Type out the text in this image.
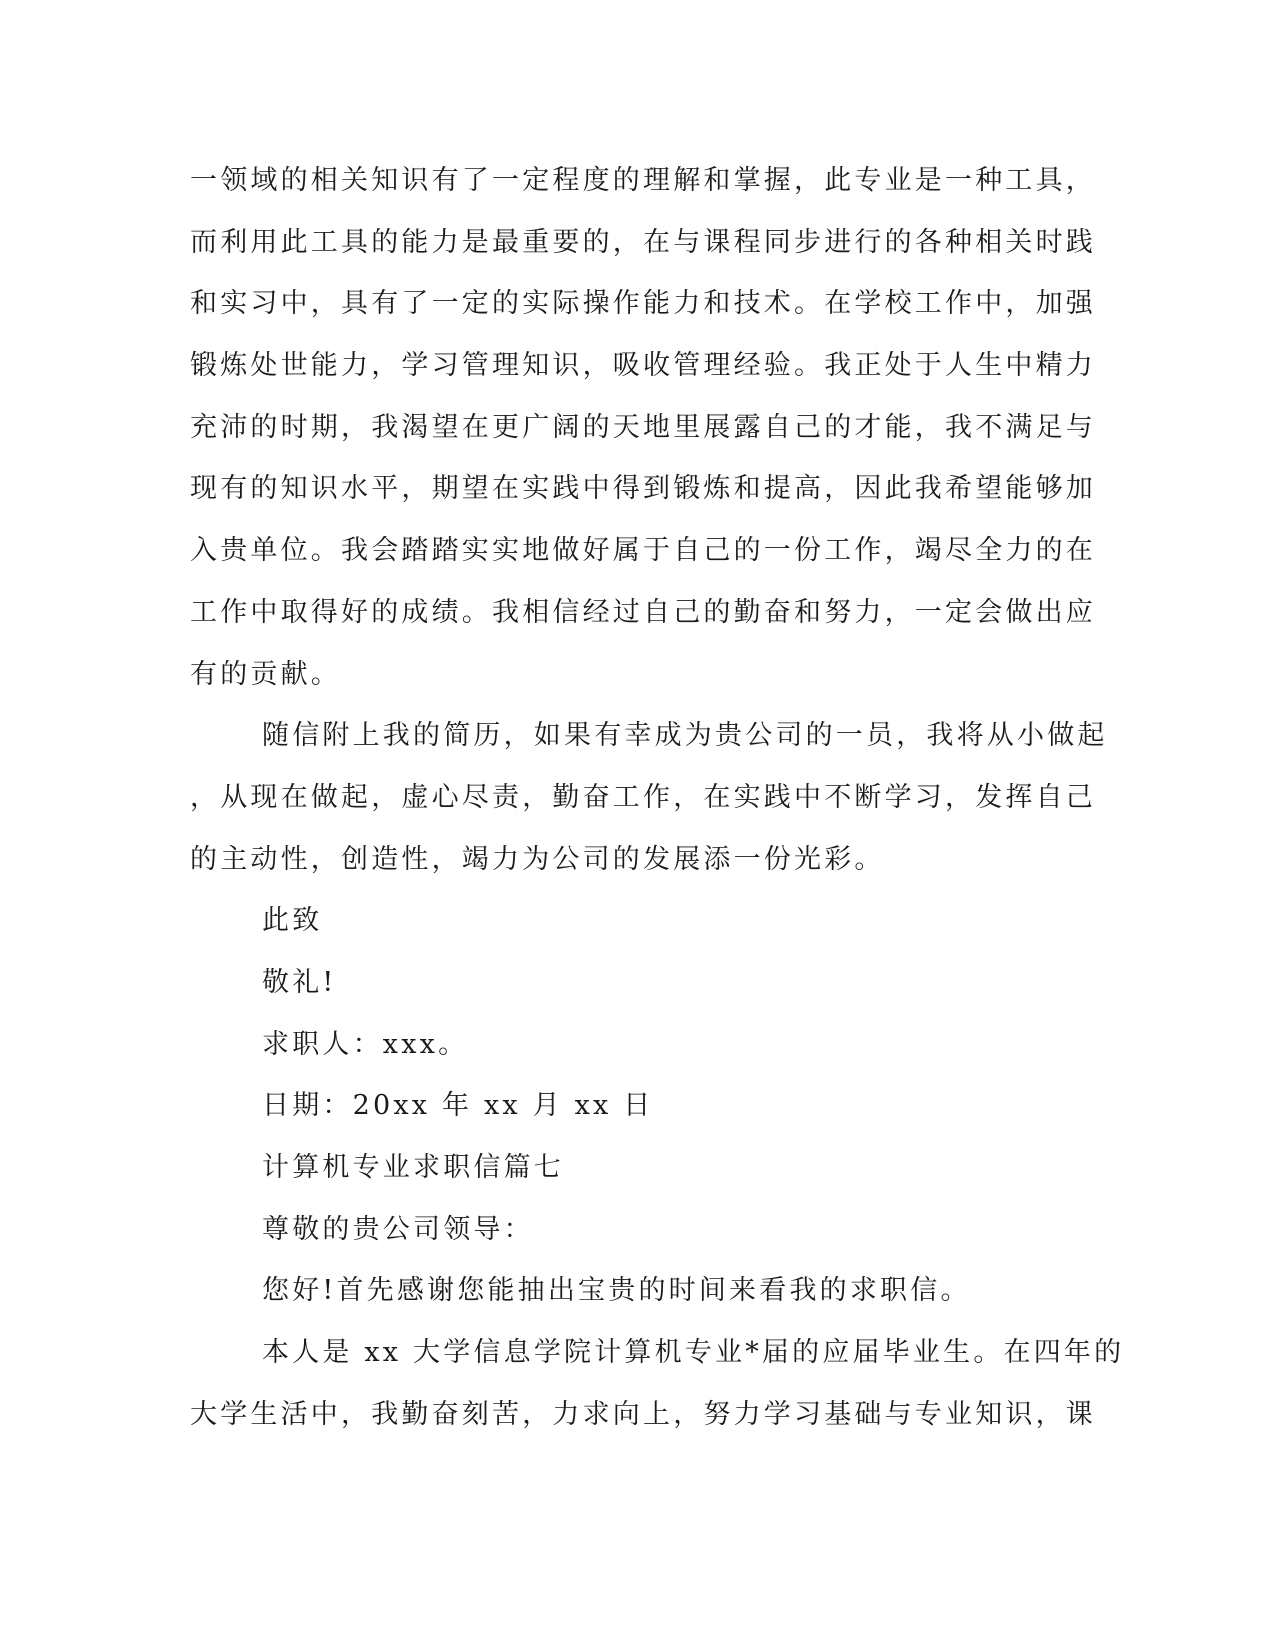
一领域的相关知识有了一定程度的理解和掌握，此专业是一种工具，
而利用此工具的能力是最重要的，在与课程同步进行的各种相关时践
和实习中，具有了一定的实际操作能力和技术。在学校工作中，加强
锻炼处世能力，学习管理知识，吸收管理经验。我正处于人生中精力
充沛的时期，我渴望在更广阔的天地里展露自己的才能，我不满足与
现有的知识水平，期望在实践中得到锻炼和提高，因此我希望能够加
入贵单位。我会踏踏实实地做好属于自己的一份工作，竭尽全力的在
工作中取得好的成绩。我相信经过自己的勤奋和努力，一定会做出应
有的贡献。
随信附上我的简历，如果有幸成为贵公司的一员，我将从小做起
，从现在做起，虚心尽责，勤奋工作，在实践中不断学习，发挥自己
的主动性，创造性，竭力为公司的发展添一份光彩。
此致
敬礼!
求职人：xxx。
日期：20xx 年 xx 月 xx 日
计算机专业求职信篇七
尊敬的贵公司领导：
您好!首先感谢您能抽出宝贵的时间来看我的求职信。
本人是 xx 大学信息学院计算机专业*届的应届毕业生。在四年的
大学生活中，我勤奋刻苦，力求向上，努力学习基础与专业知识，课
